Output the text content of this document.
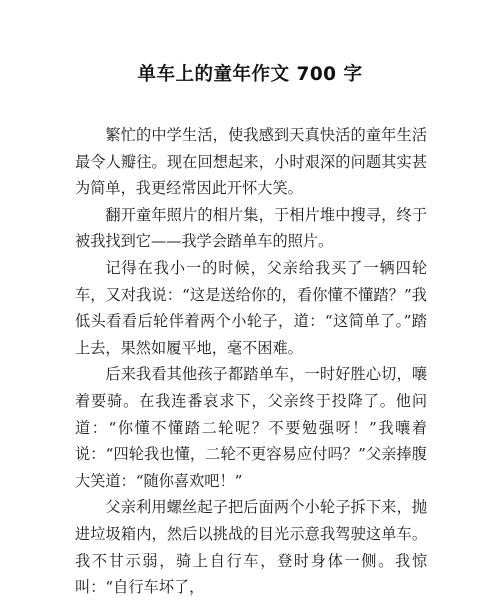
单车上的童年作文 700 字

繁忙的中学生活，使我感到天真快活的童年生活最令人瓣往。现在回想起来，小时艰深的问题其实甚为简单，我更经常因此开怀大笑。

翻开童年照片的相片集，于相片堆中搜寻，终于被我找到它——我学会踏单车的照片。

记得在我小一的时候，父亲给我买了一辆四轮车，又对我说：“这是送给你的，看你懂不懂踏？”我低头看看后轮伴着两个小轮子，道：“这简单了。”踏上去，果然如履平地，毫不困难。

后来我看其他孩子都踏单车，一时好胜心切，嚷着要骑。在我连番哀求下，父亲终于投降了。他问道：“你懂不懂踏二轮呢？不要勉强呀！”我嚷着说：“四轮我也懂，二轮不更容易应付吗？”父亲捧腹大笑道：“随你喜欢吧！”

父亲利用螺丝起子把后面两个小轮子拆下来，抛进垃圾箱内，然后以挑战的目光示意我驾驶这单车。我不甘示弱，骑上自行车，登时身体一侧。我惊叫：“自行车坏了，
